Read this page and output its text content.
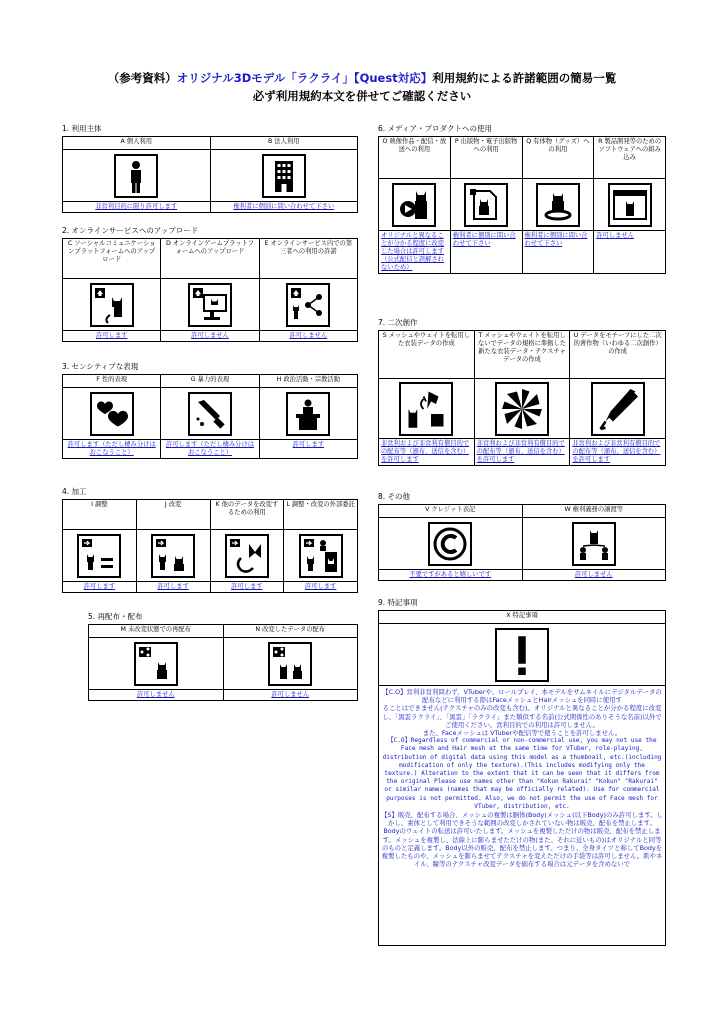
（参考資料）オリジナル3Dモデル「ラクライ」【Quest対応】利用規約による許諾範囲の簡易一覧
必ず利用規約本文を併せてご確認ください
1. 利用主体
A 個人利用	B 法人利用

非営利目的に限り許可します	権利者に個別に問い合わせて下さい
2. オンラインサービスへのアップロード
C ソーシャルコミュニケーションプラットフォームへのアップロード	D オンラインゲームプラットフォームへのアップロード	E オンラインサービス内での第三者への利用の許諾

許可します	許可しません	許可しません
3. センシティブな表現
F 性的表現	G 暴力的表現	H 政治活動・宗教活動

許可します（ただし棲み分けはおこなうこと）	許可します（ただし棲み分けはおこなうこと）	許可します
4. 加工
I 調整	J 改変	K 他のデータを改変するための利用	L 調整・改変の外部委託

許可します	許可します	許可します	許可します
5. 再配布・配布
M 未改変状態での再配布	N 改変したデータの配布

許可しません	許可しません
6. メディア・プロダクトへの使用
O 映像作品・配信・放送への利用	P 出版物・電子出版物への利用	Q 有体物（グッズ）への利用	R 製品開発等のためのソフトウェアへの組み込み

オリジナルと異なることが分かる程度に改変した場合は許可します（公式配信と誤解されないため）	権利者に個別に問い合わせて下さい	権利者に個別に問い合わせて下さい	許可しません
7. 二次創作
S メッシュやウェイトを転用した衣装データの作成	T メッシュやウェイトを転用しないでデータの規格に準拠した新たな衣装データ・テクスチャデータの作成	U データをモチーフにした二次的著作物（いわゆる二次創作）の作成

非営利および非営利有償目的での配布等（頒布、送信を含む）を許可します	非営利および非営利有償目的での配布等（頒布、送信を含む）を許可します	非営利および非営利有償目的での配布等（頒布、送信を含む）を許可します
8. その他
V クレジット表記	W 権利義務の譲渡等

不要ですがあると嬉しいです	許可しません
9. 特記事項
X 特記事項

【C.O】営利非営利問わず、VTuberや、ロールプレイ、本モデルをサムネイルにデジタルデータの配布などに利用する際はFaceメッシュとHairメッシュを同時に使用す
ることはできません(テクスチャのみの改変も含む)。オリジナルと異なることが分かる程度に改変し、「黒雲ラクライ」、「黒雲」「ラクライ」また類似する名前(公式関係性のありそうな名前)以外でご使用ください。営利目的での利用は許可しません。
また、Faceメッシュは VTuberや配信等で使うことを許可しません。
【C.O】Regardless of commercial or non-commercial use, you may not use the Face mesh and Hair mesh at the same time for VTuber, role-playing, distribution of digital data using this model as a thumbnail, etc.(including modification of only the texture).(This includes modifying only the texture.) Alteration to the extent that it can be seen that it differs from the original Please use names other than "Kokun Rakurai" "Kokun" "Rakurai" or similar names (names that may be officially related). Use for commercial purposes is not permitted. Also, we do not permit the use of Face mesh for VTuber, distribution, etc.
【S】販売、配布する場合、メッシュの複製は胴体(Body)メッシュ(以下Body)のみ許可します。しかし、素体として利用できそうな範囲の改変しかされていない物は販売、配布を禁止します。Bodyのウェイトの転送は許可いたします。メッシュを複製しただけの物は販売、配布を禁止します。メッシュを複製し、法線上に膨らませただけの物(また、それに近いもの)はオリジナルと同等のものと定義します。Body以外の販売、配布を禁止します。つまり、全身タイツと称してBodyを複製したものや、メッシュを膨らませてテクスチャを変えただけの手袋等は許可しません。肌やネイル、瞳等のテクスチャ改変データを価布する場合は元データを含めないで
